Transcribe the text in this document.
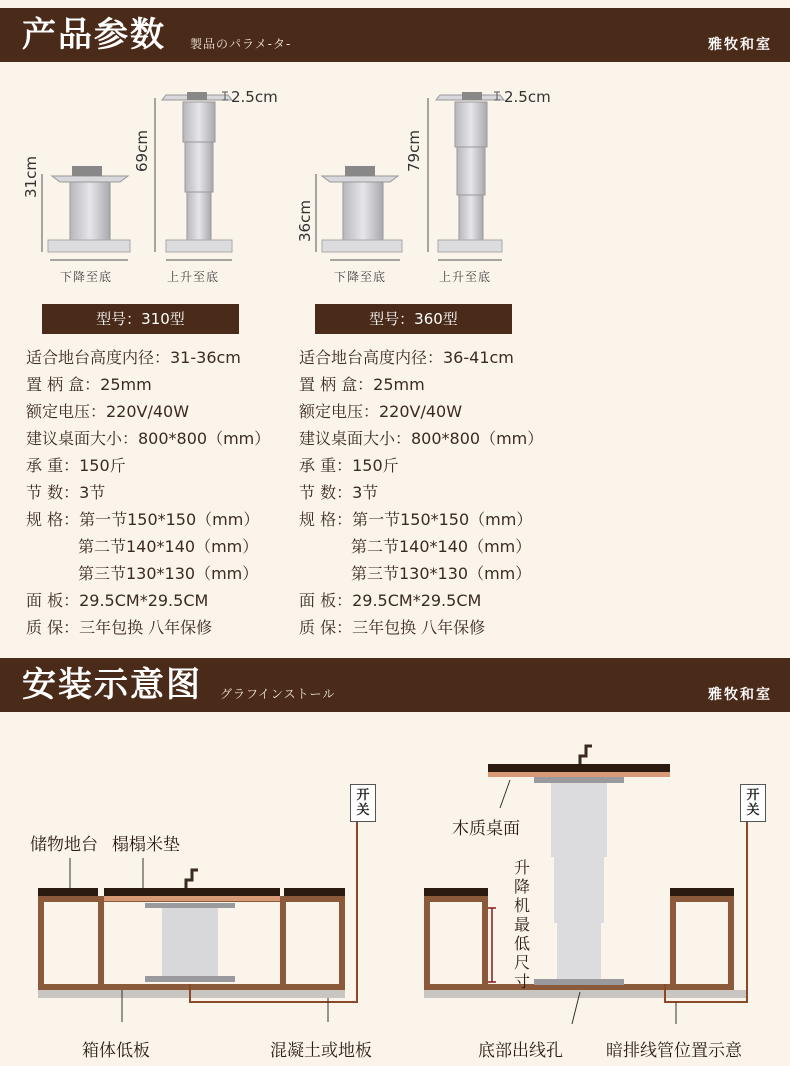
产品参数 製品のパラメ-タ-	雅牧和室
31cm
69cm
2.5cm
下降至底	上升至底
36cm
79cm
2.5cm
下降至底	上升至底
型号：310型	型号：360型
适合地台高度内径：31-36cm
置 柄 盒：25mm
额定电压：220V/40W
建议桌面大小：800*800（mm）
承 重：150斤
节 数：3节
规 格：第一节150*150（mm）
第二节140*140（mm）
第三节130*130（mm）
面 板：29.5CM*29.5CM
质 保：三年包换 八年保修
适合地台高度内径：36-41cm
置 柄 盒：25mm
额定电压：220V/40W
建议桌面大小：800*800（mm）
承 重：150斤
节 数：3节
规 格：第一节150*150（mm）
第二节140*140（mm）
第三节130*130（mm）
面 板：29.5CM*29.5CM
质 保：三年包换 八年保修
安装示意图 グラフインストール	雅牧和室
开关
开关
储物地台 榻榻米垫
箱体低板	混凝土或地板
木质桌面
升降机最低尺寸
底部出线孔	暗排线管位置示意
